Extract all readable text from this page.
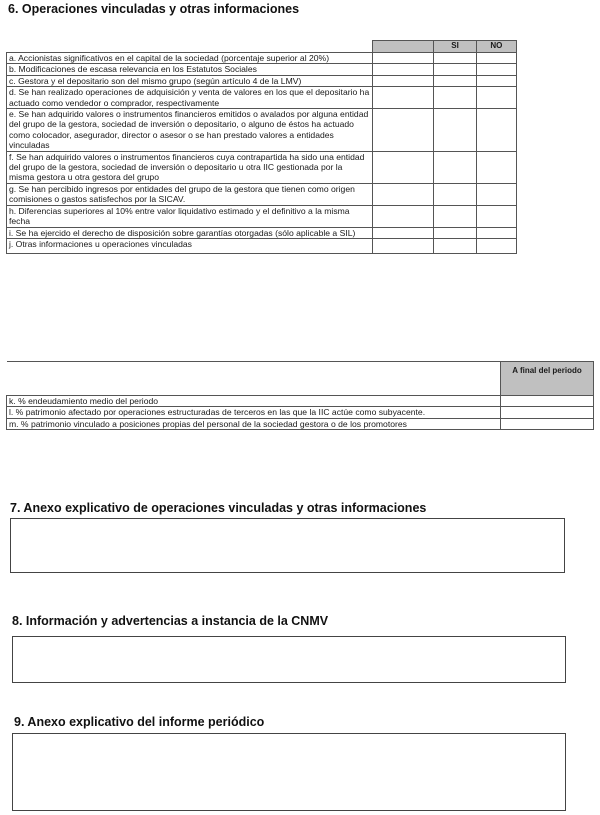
6. Operaciones vinculadas y otras informaciones
		SI	NO
a. Accionistas significativos en el capital de la sociedad (porcentaje superior al 20%)			
b. Modificaciones de escasa relevancia en los Estatutos Sociales			
c. Gestora y el depositario son del mismo grupo (según artículo 4 de la LMV)			
d. Se han realizado operaciones de adquisición y venta de valores en los que el depositario ha actuado como vendedor o comprador, respectivamente			
e. Se han adquirido valores o instrumentos financieros emitidos o avalados por alguna entidad del grupo de la gestora, sociedad de inversión o depositario, o alguno de éstos ha actuado como colocador, asegurador, director o asesor o se han prestado valores a entidades vinculadas			
f. Se han adquirido valores o instrumentos financieros cuya contrapartida ha sido una entidad del grupo de la gestora, sociedad de inversión o depositario u otra IIC gestionada por la misma gestora u otra gestora del grupo			
g. Se han percibido ingresos por entidades del grupo de la gestora que tienen como origen comisiones o gastos satisfechos por la SICAV.			
h. Diferencias superiores al 10% entre valor liquidativo estimado y el definitivo a la misma fecha			
i. Se ha ejercido el derecho de disposición sobre garantías otorgadas (sólo aplicable a SIL)			
j. Otras informaciones u operaciones vinculadas			
	A final del periodo
k. % endeudamiento medio del periodo	
l. % patrimonio afectado por operaciones estructuradas de terceros en las que la IIC actúe como subyacente.	
m. % patrimonio vinculado a posiciones propias del personal de la sociedad gestora o de los promotores	
7. Anexo explicativo de operaciones vinculadas y otras informaciones
8. Información y advertencias a instancia de la CNMV
9. Anexo explicativo del informe periódico
